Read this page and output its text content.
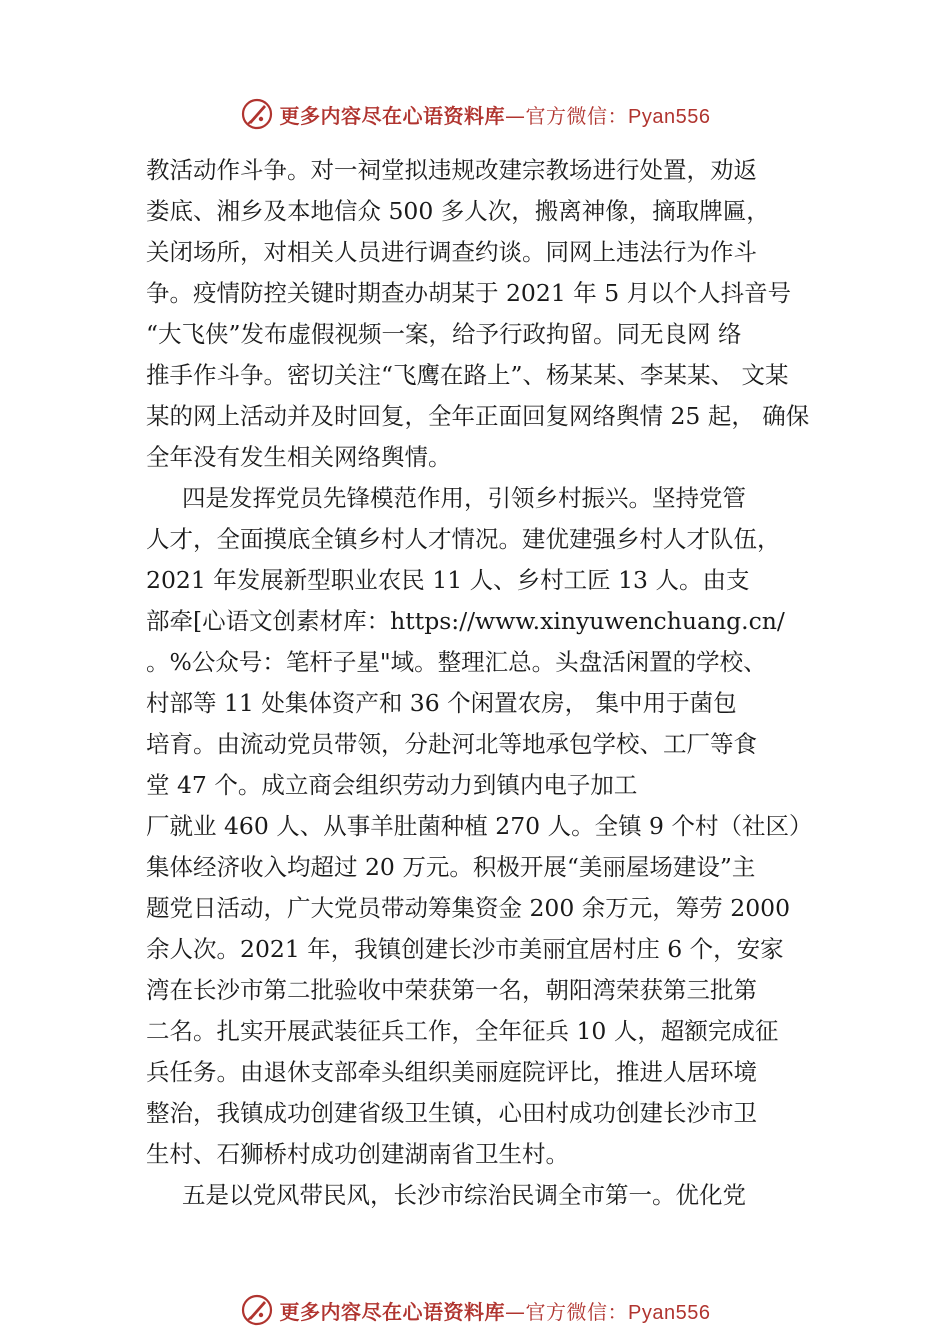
更多内容尽在心语资料库—官方微信：Pyan556
教活动作斗争。对一祠堂拟违规改建宗教场进行处置，劝返
娄底、湘乡及本地信众 500 多人次，搬离神像，摘取牌匾，
关闭场所，对相关人员进行调查约谈。同网上违法行为作斗
争。疫情防控关键时期查办胡某于 2021 年 5 月以个人抖音号
“大飞侠”发布虚假视频一案，给予行政拘留。同无良网 络
推手作斗争。密切关注“飞鹰在路上”、杨某某、李某某、 文某
某的网上活动并及时回复，全年正面回复网络舆情 25 起， 确保
全年没有发生相关网络舆情。
四是发挥党员先锋模范作用，引领乡村振兴。坚持党管
人才，全面摸底全镇乡村人才情况。建优建强乡村人才队伍，
2021 年发展新型职业农民 11 人、乡村工匠 13 人。由支
部牵[心语文创素材库：https://www.xinyuwenchuang.cn/
。%公众号：笔杆子星"域。整理汇总。头盘活闲置的学校、
村部等 11 处集体资产和 36 个闲置农房， 集中用于菌包
培育。由流动党员带领，分赴河北等地承包学校、工厂等食
堂 47 个。成立商会组织劳动力到镇内电子加工
厂就业 460 人、从事羊肚菌种植 270 人。全镇 9 个村（社区）
集体经济收入均超过 20 万元。积极开展“美丽屋场建设”主
题党日活动，广大党员带动筹集资金 200 余万元，筹劳 2000
余人次。2021 年，我镇创建长沙市美丽宜居村庄 6 个，安家
湾在长沙市第二批验收中荣获第一名，朝阳湾荣获第三批第
二名。扎实开展武装征兵工作，全年征兵 10 人，超额完成征
兵任务。由退休支部牵头组织美丽庭院评比，推进人居环境
整治，我镇成功创建省级卫生镇，心田村成功创建长沙市卫
生村、石狮桥村成功创建湖南省卫生村。
五是以党风带民风，长沙市综治民调全市第一。优化党
更多内容尽在心语资料库—官方微信：Pyan556
